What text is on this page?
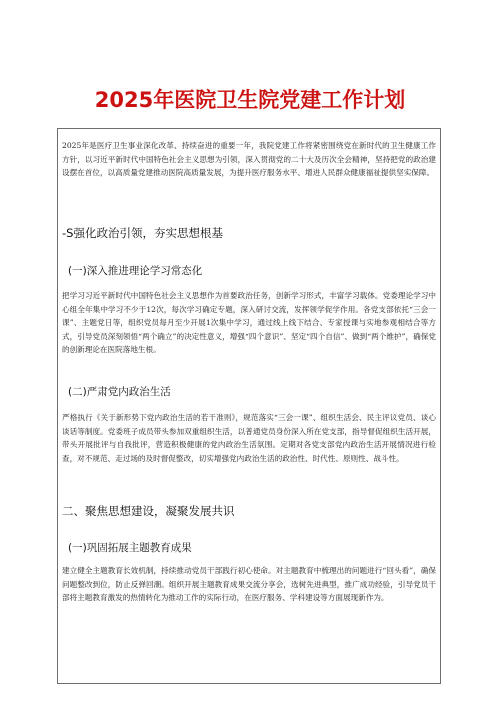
2025年医院卫生院党建工作计划

2025年是医疗卫生事业深化改革、持续奋进的重要一年，我院党建工作将紧密围绕党在新时代的卫生健康工作方针，以习近平新时代中国特色社会主义思想为引领，深入贯彻党的二十大及历次全会精神，坚持把党的政治建设摆在首位，以高质量党建推动医院高质量发展，为提升医疗服务水平、增进人民群众健康福祉提供坚实保障。

-S强化政治引领，夯实思想根基
(一)深入推进理论学习常态化

把学习习近平新时代中国特色社会主义思想作为首要政治任务，创新学习形式，丰富学习载体。党委理论学习中心组全年集中学习不少于12次，每次学习确定专题，深入研讨交流，发挥领学促学作用。各党支部依托“三会一课”、主题党日等，组织党员每月至少开展1次集中学习，通过线上线下结合、专家授课与实地参观相结合等方式，引导党员深刻领悟“两个确立”的决定性意义，增强“四个意识”、坚定“四个自信”、做到“两个维护”，确保党的创新理论在医院落地生根。

(二)严肃党内政治生活

严格执行《关于新形势下党内政治生活的若干准则》，规范落实“三会一课”、组织生活会、民主评议党员、谈心谈话等制度。党委班子成员带头参加双重组织生活，以普通党员身份深入所在党支部，指导督促组织生活开展，带头开展批评与自我批评，营造积极健康的党内政治生活氛围。定期对各党支部党内政治生活开展情况进行检查，对不规范、走过场的及时督促整改，切实增强党内政治生活的政治性、时代性、原则性、战斗性。

二、聚焦思想建设，凝聚发展共识
(一)巩固拓展主题教育成果

建立健全主题教育长效机制，持续推动党员干部践行初心使命。对主题教育中梳理出的问题进行“回头看”，确保问题整改到位，防止反弹回潮。组织开展主题教育成果交流分享会，选树先进典型，推广成功经验，引导党员干部将主题教育激发的热情转化为推动工作的实际行动，在医疗服务、学科建设等方面展现新作为。
